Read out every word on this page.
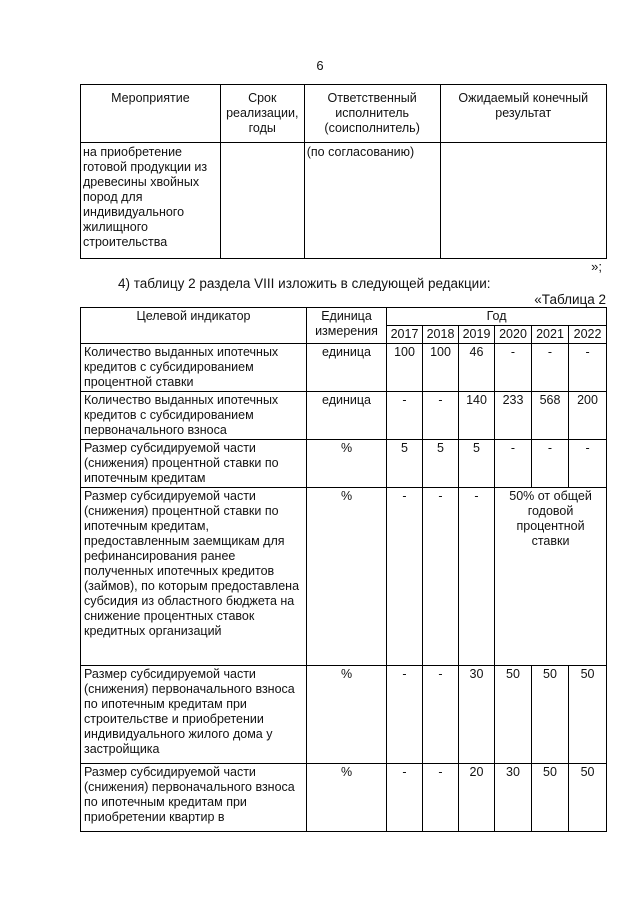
6
Мероприятие	Срок реализации, годы	Ответственный исполнитель (соисполнитель)	Ожидаемый конечный результат
на приобретение готовой продукции из древесины хвойных пород для индивидуального жилищного строительства		(по согласованию)	
»;
4) таблицу 2 раздела VIII изложить в следующей редакции:
«Таблица 2
Целевой индикатор	Единица измерения	Год					
		2017	2018	2019	2020	2021	2022
Количество выданных ипотечных кредитов с субсидированием процентной ставки	единица	100	100	46	-	-	-
Количество выданных ипотечных кредитов с субсидированием первоначального взноса	единица	-	-	140	233	568	200
Размер субсидируемой части (снижения) процентной ставки по ипотечным кредитам	%	5	5	5	-	-	-
Размер субсидируемой части (снижения) процентной ставки по ипотечным кредитам, предоставленным заемщикам для рефинансирования ранее полученных ипотечных кредитов (займов), по которым предоставлена субсидия из областного бюджета на снижение процентных ставок кредитных организаций	%	-	-	-	50% от общей годовой процентной ставки		
Размер субсидируемой части (снижения) первоначального взноса по ипотечным кредитам при строительстве и приобретении индивидуального жилого дома у застройщика	%	-	-	30	50	50	50
Размер субсидируемой части (снижения) первоначального взноса по ипотечным кредитам при приобретении квартир в	%	-	-	20	30	50	50
